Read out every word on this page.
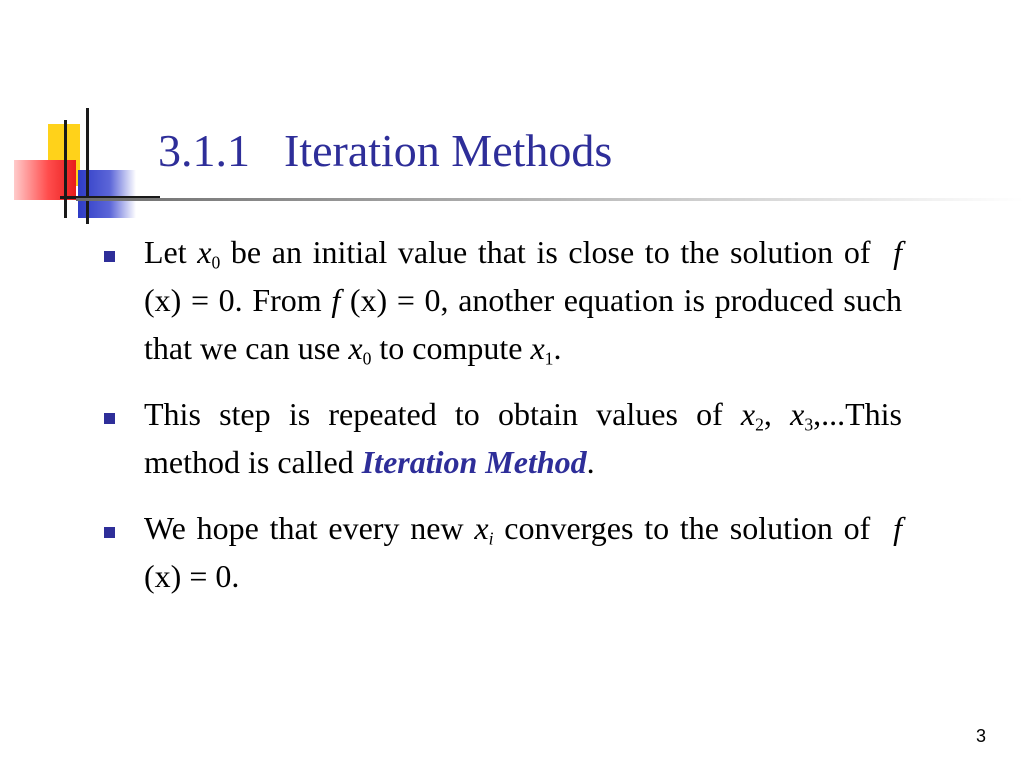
3.1.1 Iteration Methods
Let $x_0$ be an initial value that is close to the solution of f (x) = 0. From f (x) = 0, another equation is produced such that we can use $x_0$ to compute $x_1$.
This step is repeated to obtain values of $x_2$, $x_3,...This$ method is called Iteration Method.
We hope that every new $x_i$ converges to the solution of f (x) = 0.
3
